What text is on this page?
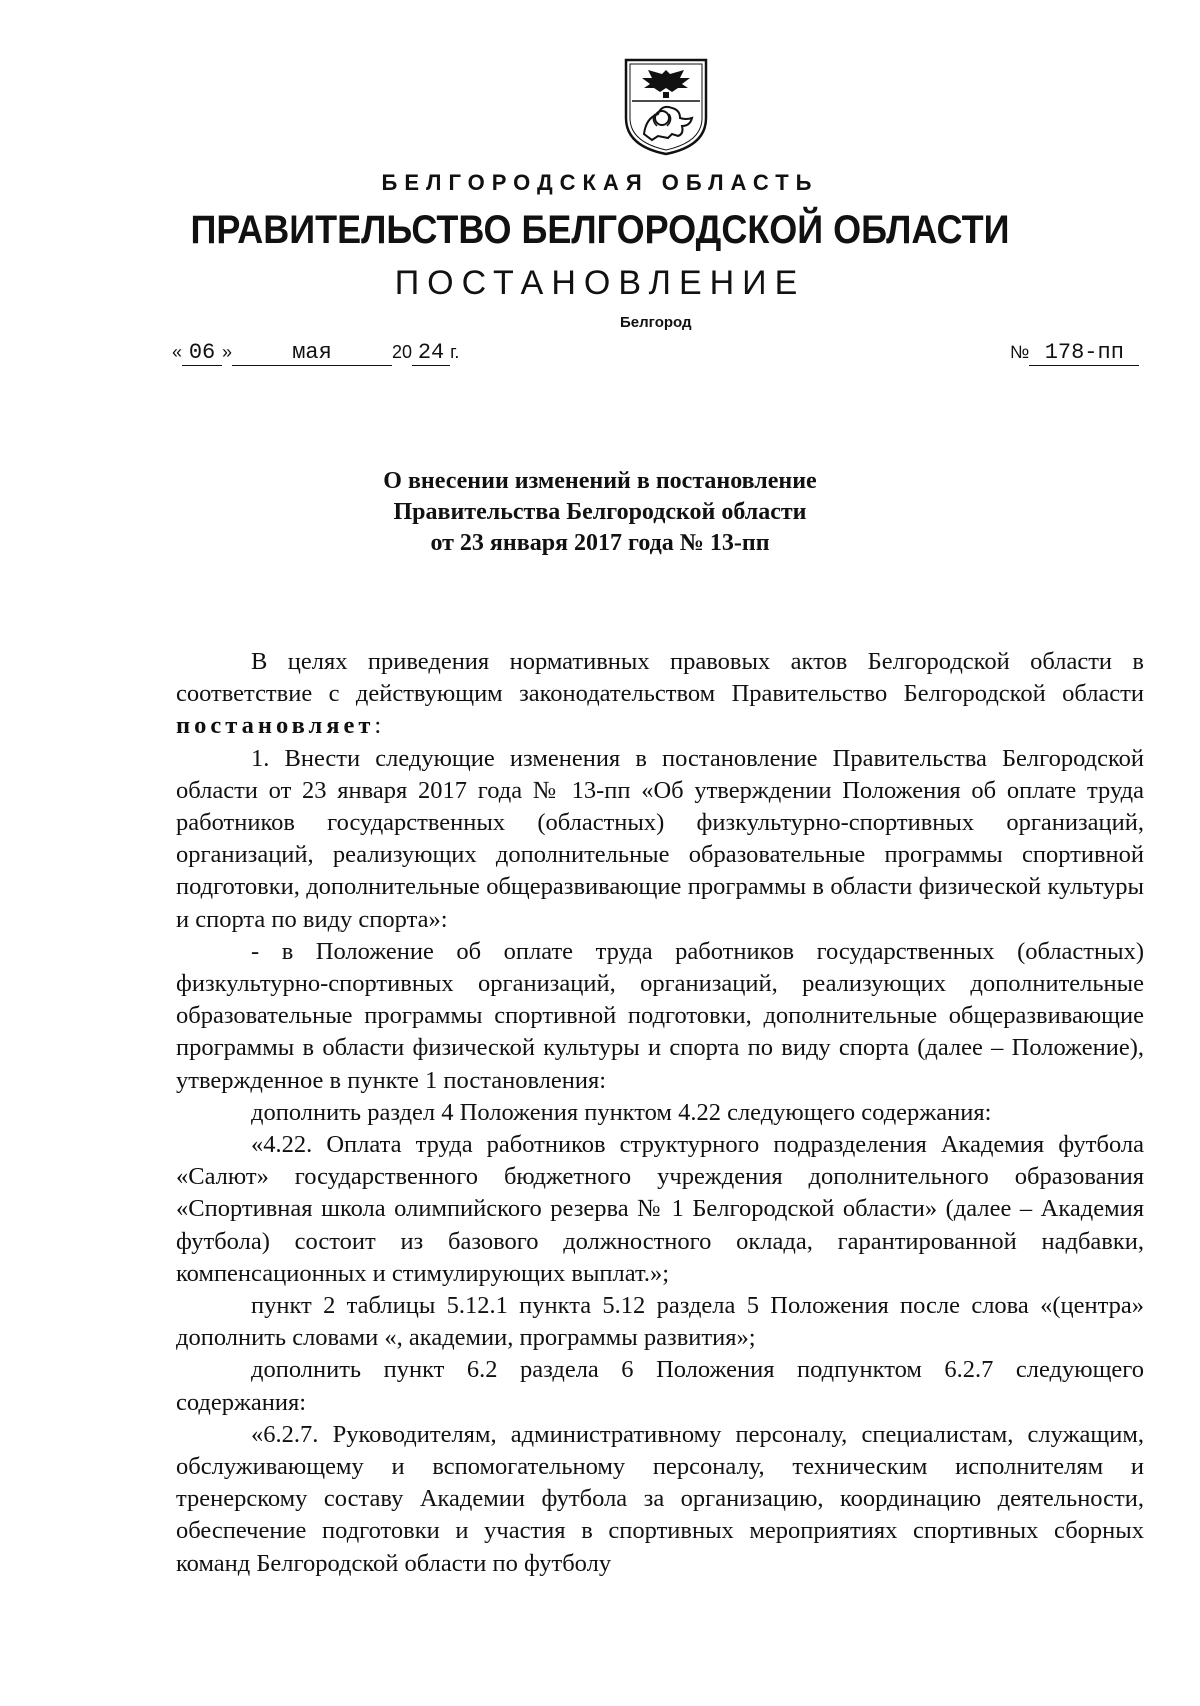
БЕЛГОРОДСКАЯ ОБЛАСТЬ
ПРАВИТЕЛЬСТВО БЕЛГОРОДСКОЙ ОБЛАСТИ
ПОСТАНОВЛЕНИЕ
Белгород
« 06 »	мая	20 24 г.	№ 178-пп
О внесении изменений в постановление
Правительства Белгородской области
от 23 января 2017 года № 13-пп

В целях приведения нормативных правовых актов Белгородской области в соответствие с действующим законодательством Правительство Белгородской области постановляет:

1. Внести следующие изменения в постановление Правительства Белгородской области от 23 января 2017 года № 13-пп «Об утверждении Положения об оплате труда работников государственных (областных) физкультурно-спортивных организаций, организаций, реализующих дополнительные образовательные программы спортивной подготовки, дополнительные общеразвивающие программы в области физической культуры и спорта по виду спорта»:

- в Положение об оплате труда работников государственных (областных) физкультурно-спортивных организаций, организаций, реализующих дополнительные образовательные программы спортивной подготовки, дополнительные общеразвивающие программы в области физической культуры и спорта по виду спорта (далее – Положение), утвержденное в пункте 1 постановления:

дополнить раздел 4 Положения пунктом 4.22 следующего содержания:

«4.22. Оплата труда работников структурного подразделения Академия футбола «Салют» государственного бюджетного учреждения дополнительного образования «Спортивная школа олимпийского резерва № 1 Белгородской области» (далее – Академия футбола) состоит из базового должностного оклада, гарантированной надбавки, компенсационных и стимулирующих выплат.»;

пункт 2 таблицы 5.12.1 пункта 5.12 раздела 5 Положения после слова «(центра» дополнить словами «, академии, программы развития»;

дополнить пункт 6.2 раздела 6 Положения подпунктом 6.2.7 следующего содержания:

«6.2.7. Руководителям, административному персоналу, специалистам, служащим, обслуживающему и вспомогательному персоналу, техническим исполнителям и тренерскому составу Академии футбола за организацию, координацию деятельности, обеспечение подготовки и участия в спортивных мероприятиях спортивных сборных команд Белгородской области по футболу
